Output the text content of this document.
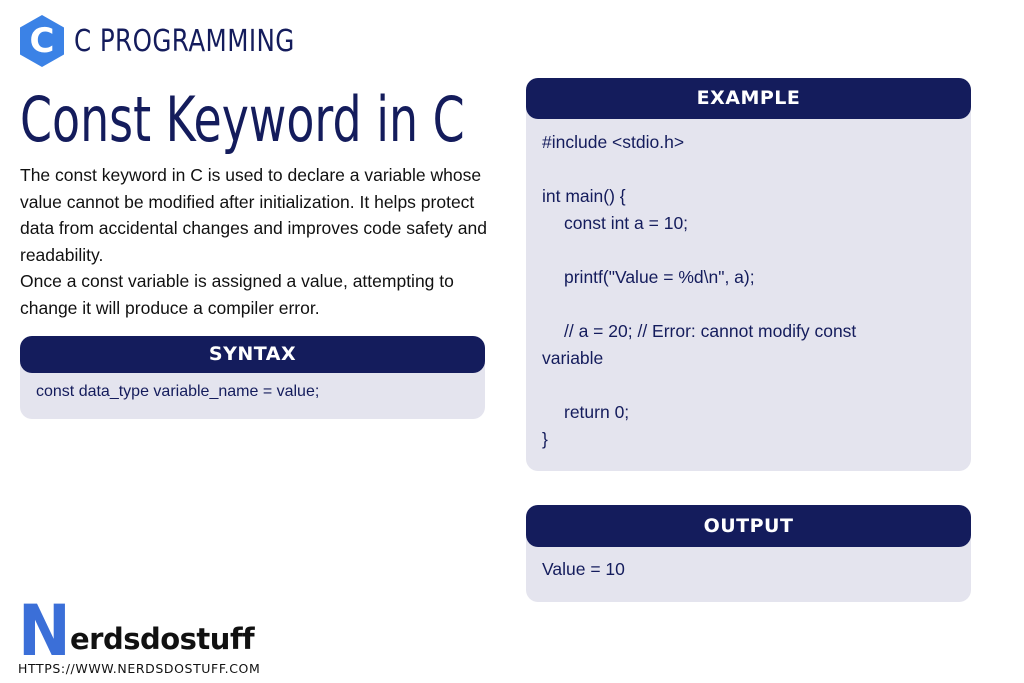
C C PROGRAMMING
Const Keyword in C

The const keyword in C is used to declare a variable whose value cannot be modified after initialization. It helps protect data from accidental changes and improves code safety and readability.

Once a const variable is assigned a value, attempting to change it will produce a compiler error.

SYNTAX
const data_type variable_name = value;
EXAMPLE
#include <stdio.h>
int main() {
const int a = 10;
printf("Value = %d\n", a);
// a = 20; // Error: cannot modify const
variable
return 0;
}
OUTPUT
Value = 10
N erdsdostuff
HTTPS://WWW.NERDSDOSTUFF.COM
